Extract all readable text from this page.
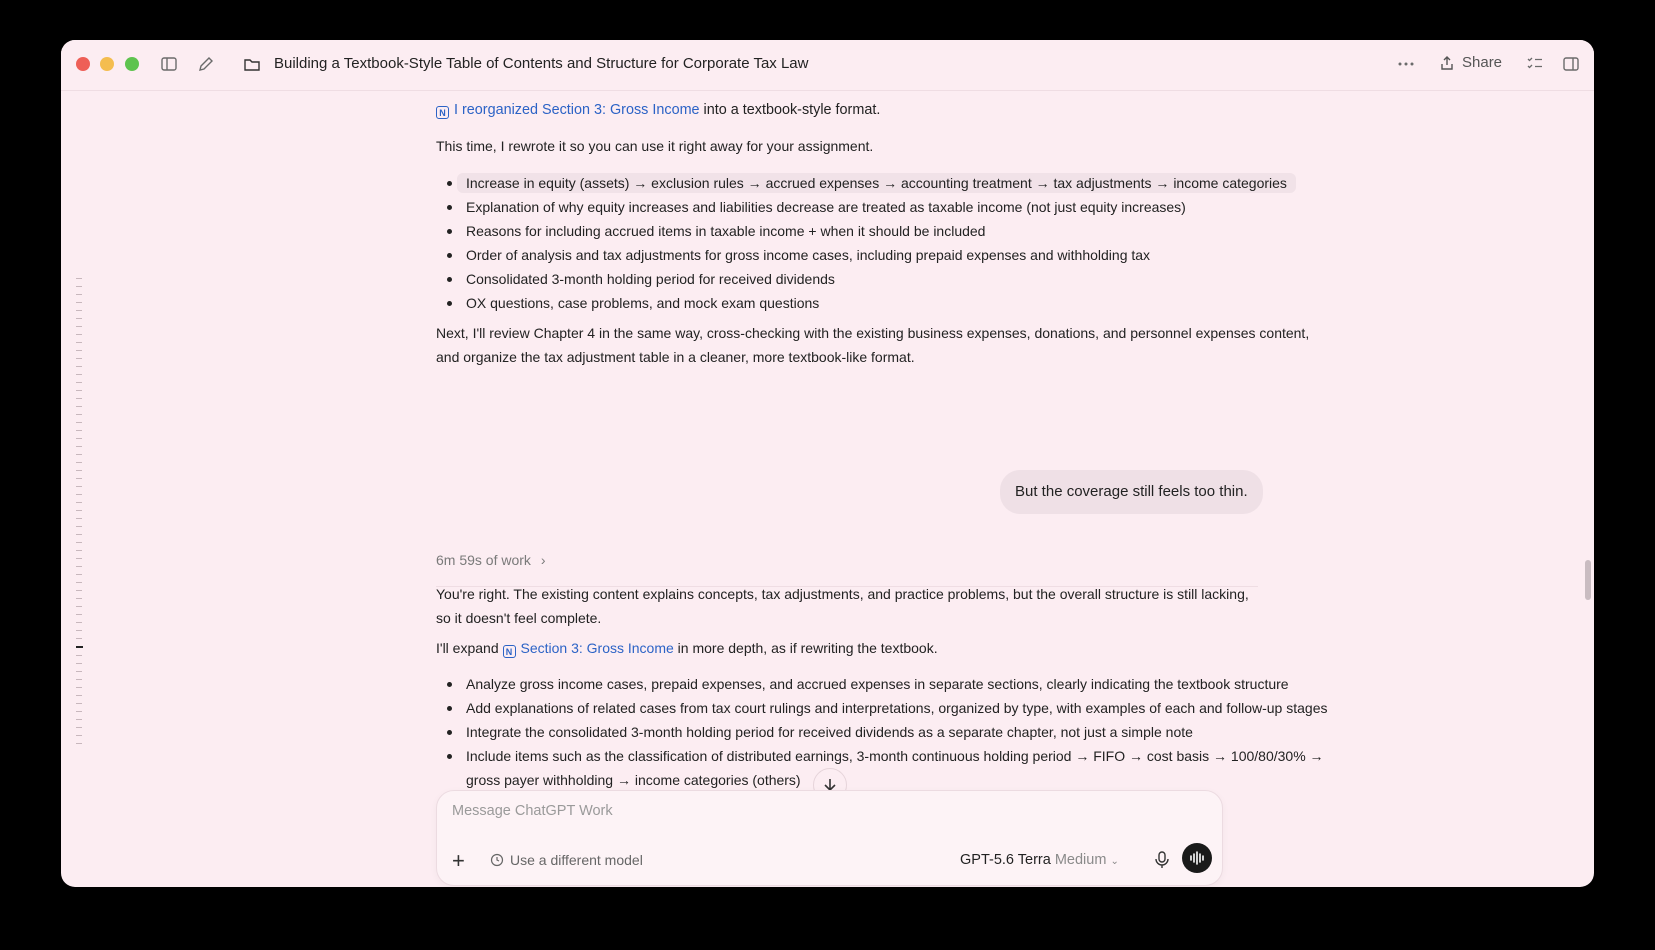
Building a Textbook-Style Table of Contents and Structure for Corporate Tax Law	Share
N I reorganized Section 3: Gross Income into a textbook-style format.
This time, I rewrote it so you can use it right away for your assignment.
Increase in equity (assets) → exclusion rules → accrued expenses → accounting treatment → tax adjustments → income categories
Explanation of why equity increases and liabilities decrease are treated as taxable income (not just equity increases)
Reasons for including accrued items in taxable income + when it should be included
Order of analysis and tax adjustments for gross income cases, including prepaid expenses and withholding tax
Consolidated 3-month holding period for received dividends
OX questions, case problems, and mock exam questions
Next, I'll review Chapter 4 in the same way, cross-checking with the existing business expenses, donations, and personnel expenses content,
and organize the tax adjustment table in a cleaner, more textbook-like format.
But the coverage still feels too thin.
6m 59s of work ›
You're right. The existing content explains concepts, tax adjustments, and practice problems, but the overall structure is still lacking,
so it doesn't feel complete.
I'll expand N Section 3: Gross Income in more depth, as if rewriting the textbook.
Analyze gross income cases, prepaid expenses, and accrued expenses in separate sections, clearly indicating the textbook structure
Add explanations of related cases from tax court rulings and interpretations, organized by type, with examples of each and follow-up stages
Integrate the consolidated 3-month holding period for received dividends as a separate chapter, not just a simple note
Include items such as the classification of distributed earnings, 3-month continuous holding period → FIFO → cost basis → 100/80/30% →
gross payer withholding → income categories (others)
Message ChatGPT Work
+	Use a different model	GPT-5.6 Terra Medium ⌄
